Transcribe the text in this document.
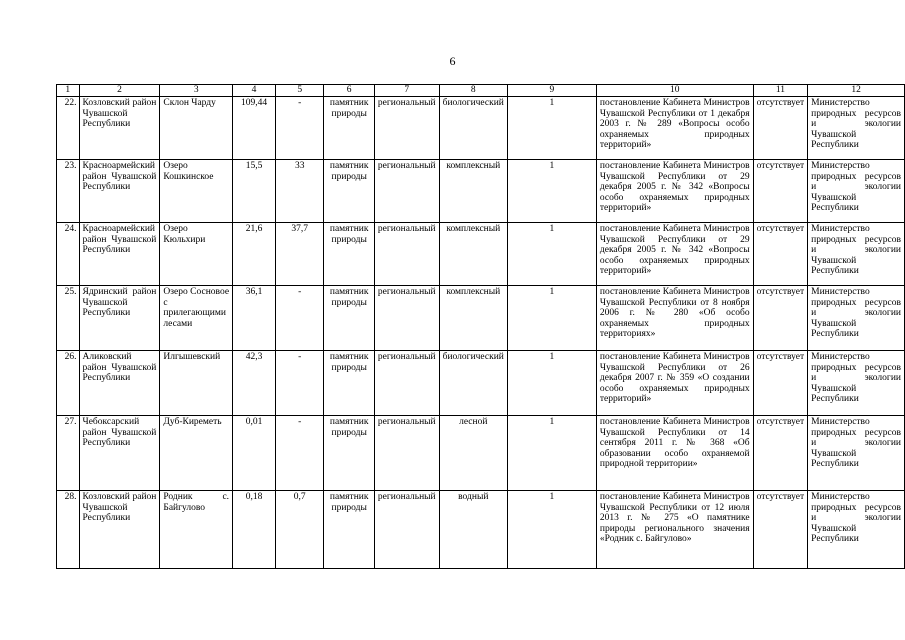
6
1	2	3	4	5	6	7	8	9	10	11	12
22.	Козловский район Чувашской Республики	Склон Чарду	109,44	-	памятник природы	региональный	биологический	1	постановление Кабинета Министров Чувашской Республики от 1 декабря 2003 г. № 289 «Вопросы особо охраняемых природных территорий»	отсутствует	Министерство природных ресурсов и экологии Чувашской Республики
23.	Красноармейский район Чувашской Республики	Озеро Кошкинское	15,5	33	памятник природы	региональный	комплексный	1	постановление Кабинета Министров Чувашской Республики от 29 декабря 2005 г. № 342 «Вопросы особо охраняемых природных территорий»	отсутствует	Министерство природных ресурсов и экологии Чувашской Республики
24.	Красноармейский район Чувашской Республики	Озеро Кюльхири	21,6	37,7	памятник природы	региональный	комплексный	1	постановление Кабинета Министров Чувашской Республики от 29 декабря 2005 г. № 342 «Вопросы особо охраняемых природных территорий»	отсутствует	Министерство природных ресурсов и экологии Чувашской Республики
25.	Ядринский район Чувашской Республики	Озеро Сосновое с прилегающими лесами	36,1	-	памятник природы	региональный	комплексный	1	постановление Кабинета Министров Чувашской Республики от 8 ноября 2006 г. № 280 «Об особо охраняемых природных территориях»	отсутствует	Министерство природных ресурсов и экологии Чувашской Республики
26.	Аликовский район Чувашской Республики	Илгышевский	42,3	-	памятник природы	региональный	биологический	1	постановление Кабинета Министров Чувашской Республики от 26 декабря 2007 г. № 359 «О создании особо охраняемых природных территорий»	отсутствует	Министерство природных ресурсов и экологии Чувашской Республики
27.	Чебоксарский район Чувашской Республики	Дуб-Киреметь	0,01	-	памятник природы	региональный	лесной	1	постановление Кабинета Министров Чувашской Республики от 14 сентября 2011 г. № 368 «Об образовании особо охраняемой природной территории»	отсутствует	Министерство природных ресурсов и экологии Чувашской Республики
28.	Козловский район Чувашской Республики	Родник с. Байгулово	0,18	0,7	памятник природы	региональный	водный	1	постановление Кабинета Министров Чувашской Республики от 12 июля 2013 г. № 275 «О памятнике природы регионального значения «Родник с. Байгулово»	отсутствует	Министерство природных ресурсов и экологии Чувашской Республики
